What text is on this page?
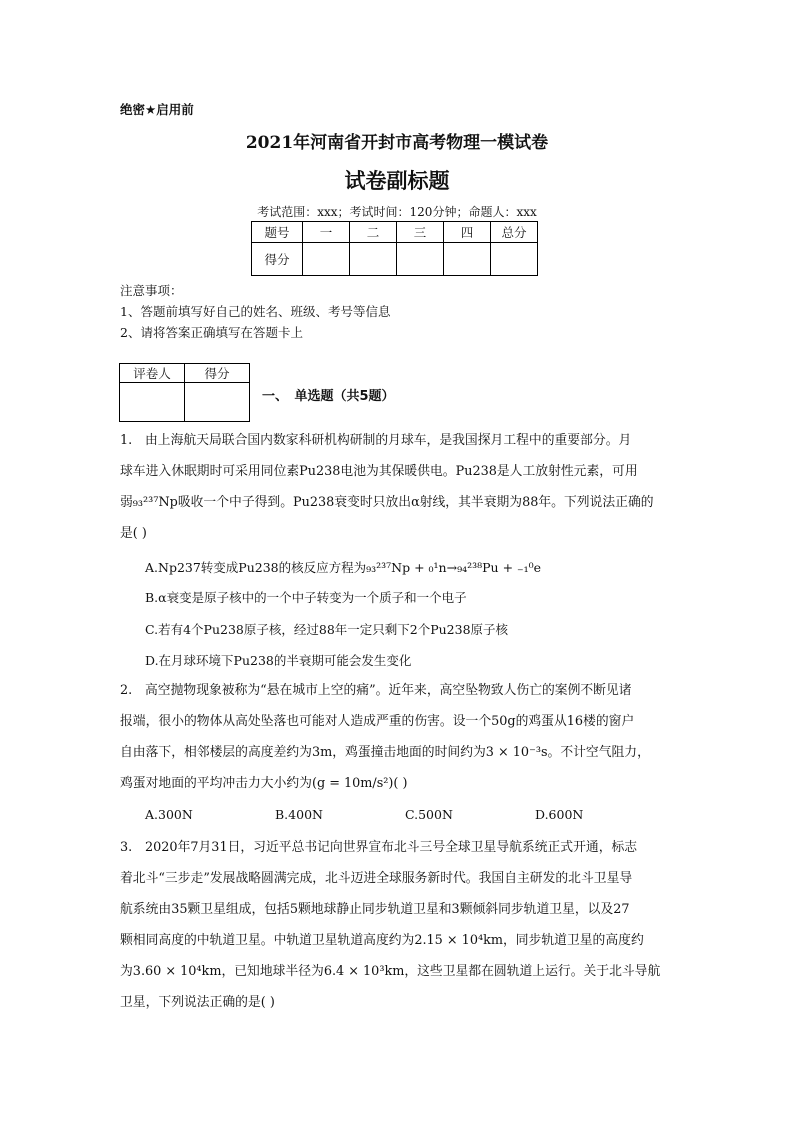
绝密★启用前
2021年河南省开封市高考物理一模试卷
试卷副标题
考试范围：xxx；考试时间：120分钟；命题人：xxx
题号	一	二	三	四	总分
得分					
注意事项：
1、答题前填写好自己的姓名、班级、考号等信息
2、请将答案正确填写在答题卡上
评卷人	得分

一、　单选题（共5题）
1.　由上海航天局联合国内数家科研机构研制的月球车，是我国探月工程中的重要部分。月
球车进入休眠期时可采用同位素Pu238电池为其保暖供电。Pu238是人工放射性元素，可用
弱₉₃²³⁷Np吸收一个中子得到。Pu238衰变时只放出α射线，其半衰期为88年。下列说法正确的
是( )
A.Np237转变成Pu238的核反应方程为₉₃²³⁷Np + ₀¹n→₉₄²³⁸Pu + ₋₁⁰e
B.α衰变是原子核中的一个中子转变为一个质子和一个电子
C.若有4个Pu238原子核，经过88年一定只剩下2个Pu238原子核
D.在月球环境下Pu238的半衰期可能会发生变化
2.　高空抛物现象被称为“悬在城市上空的痛”。近年来，高空坠物致人伤亡的案例不断见诸
报端，很小的物体从高处坠落也可能对人造成严重的伤害。设一个50g的鸡蛋从16楼的窗户
自由落下，相邻楼层的高度差约为3m，鸡蛋撞击地面的时间约为3 × 10⁻³s。不计空气阻力，
鸡蛋对地面的平均冲击力大小约为(g = 10m/s²)( )
A.300N	B.400N	C.500N	D.600N
3.　2020年7月31日，习近平总书记向世界宣布北斗三号全球卫星导航系统正式开通，标志
着北斗“三步走”发展战略圆满完成，北斗迈进全球服务新时代。我国自主研发的北斗卫星导
航系统由35颗卫星组成，包括5颗地球静止同步轨道卫星和3颗倾斜同步轨道卫星，以及27
颗相同高度的中轨道卫星。中轨道卫星轨道高度约为2.15 × 10⁴km，同步轨道卫星的高度约
为3.60 × 10⁴km，已知地球半径为6.4 × 10³km，这些卫星都在圆轨道上运行。关于北斗导航
卫星，下列说法正确的是( )
